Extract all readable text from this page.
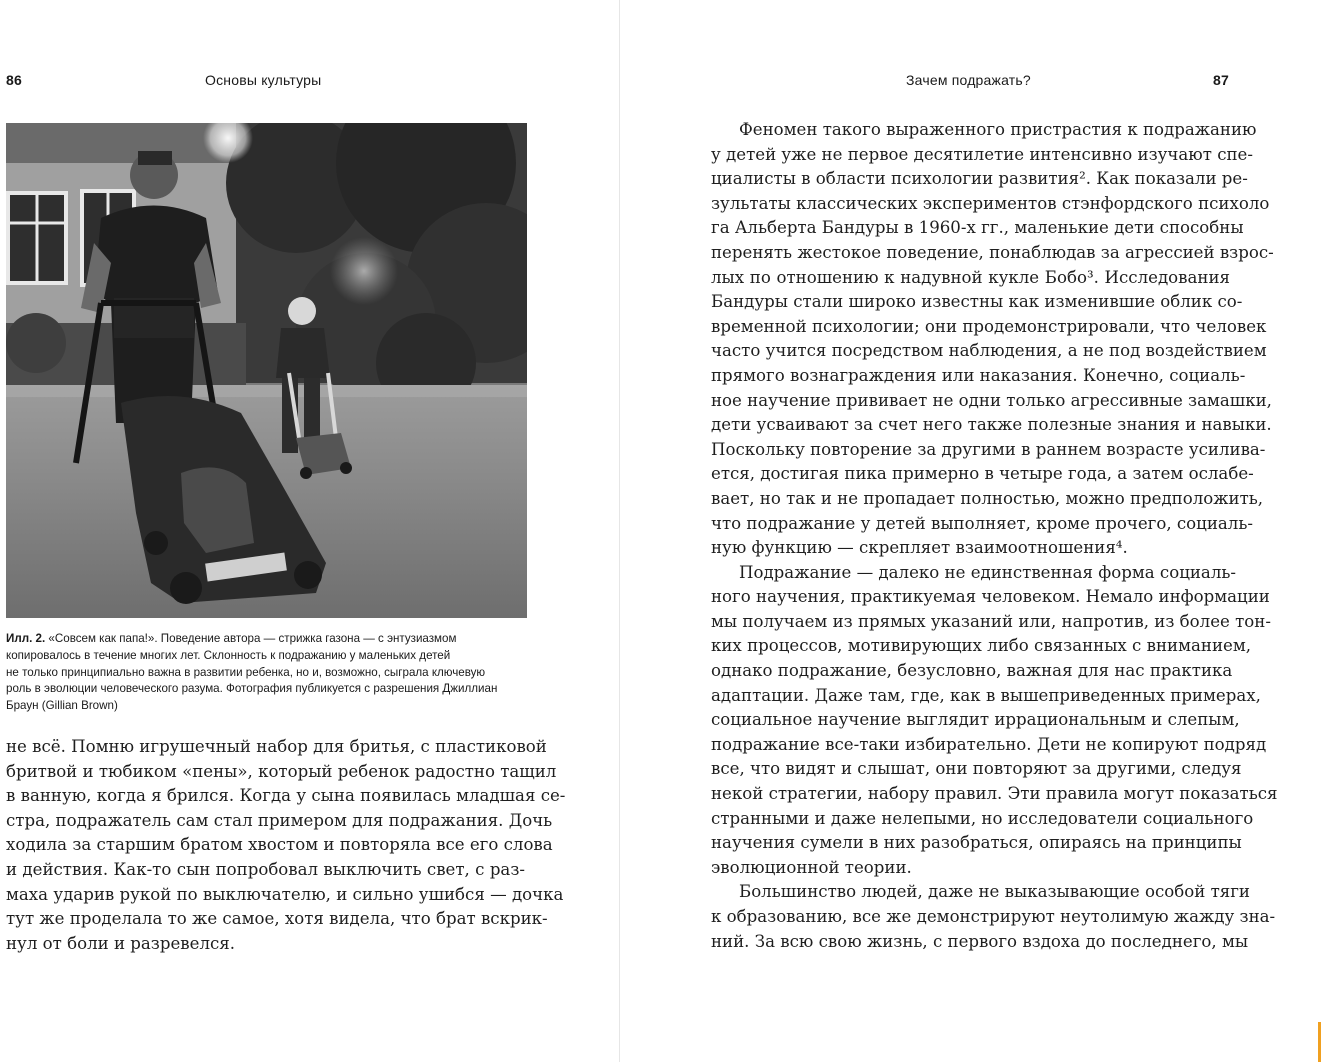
86	Основы культуры
Илл. 2. «Совсем как папа!». Поведение автора — стрижка газона — с энтузиазмом
копировалось в течение многих лет. Склонность к подражанию у маленьких детей
не только принципиально важна в развитии ребенка, но и, возможно, сыграла ключевую
роль в эволюции человеческого разума. Фотография публикуется с разрешения Джиллиан
Браун (Gillian Brown)
не всё. Помню игрушечный набор для бритья, с пластиковой
бритвой и тюбиком «пены», который ребенок радостно тащил
в ванную, когда я брился. Когда у сына появилась младшая се-
стра, подражатель сам стал примером для подражания. Дочь
ходила за старшим братом хвостом и повторяла все его слова
и действия. Как-то сын попробовал выключить свет, с раз-
маха ударив рукой по выключателю, и сильно ушибся — дочка
тут же проделала то же самое, хотя видела, что брат вскрик-
нул от боли и разревелся.
Зачем подражать?	87
Феномен такого выраженного пристрастия к подражанию
у детей уже не первое десятилетие интенсивно изучают спе-
циалисты в области психологии развития². Как показали ре-
зультаты классических экспериментов стэнфордского психоло
га Альберта Бандуры в 1960-х гг., маленькие дети способны
перенять жестокое поведение, понаблюдав за агрессией взрос-
лых по отношению к надувной кукле Бобо³. Исследования
Бандуры стали широко известны как изменившие облик со-
временной психологии; они продемонстрировали, что человек
часто учится посредством наблюдения, а не под воздействием
прямого вознаграждения или наказания. Конечно, социаль-
ное научение прививает не одни только агрессивные замашки,
дети усваивают за счет него также полезные знания и навыки.
Поскольку повторение за другими в раннем возрасте усилива-
ется, достигая пика примерно в четыре года, а затем ослабе-
вает, но так и не пропадает полностью, можно предположить,
что подражание у детей выполняет, кроме прочего, социаль-
ную функцию — скрепляет взаимоотношения⁴.
Подражание — далеко не единственная форма социаль-
ного научения, практикуемая человеком. Немало информации
мы получаем из прямых указаний или, напротив, из более тон-
ких процессов, мотивирующих либо связанных с вниманием,
однако подражание, безусловно, важная для нас практика
адаптации. Даже там, где, как в вышеприведенных примерах,
социальное научение выглядит иррациональным и слепым,
подражание все-таки избирательно. Дети не копируют подряд
все, что видят и слышат, они повторяют за другими, следуя
некой стратегии, набору правил. Эти правила могут показаться
странными и даже нелепыми, но исследователи социального
научения сумели в них разобраться, опираясь на принципы
эволюционной теории.
Большинство людей, даже не выказывающие особой тяги
к образованию, все же демонстрируют неутолимую жажду зна-
ний. За всю свою жизнь, с первого вздоха до последнего, мы
